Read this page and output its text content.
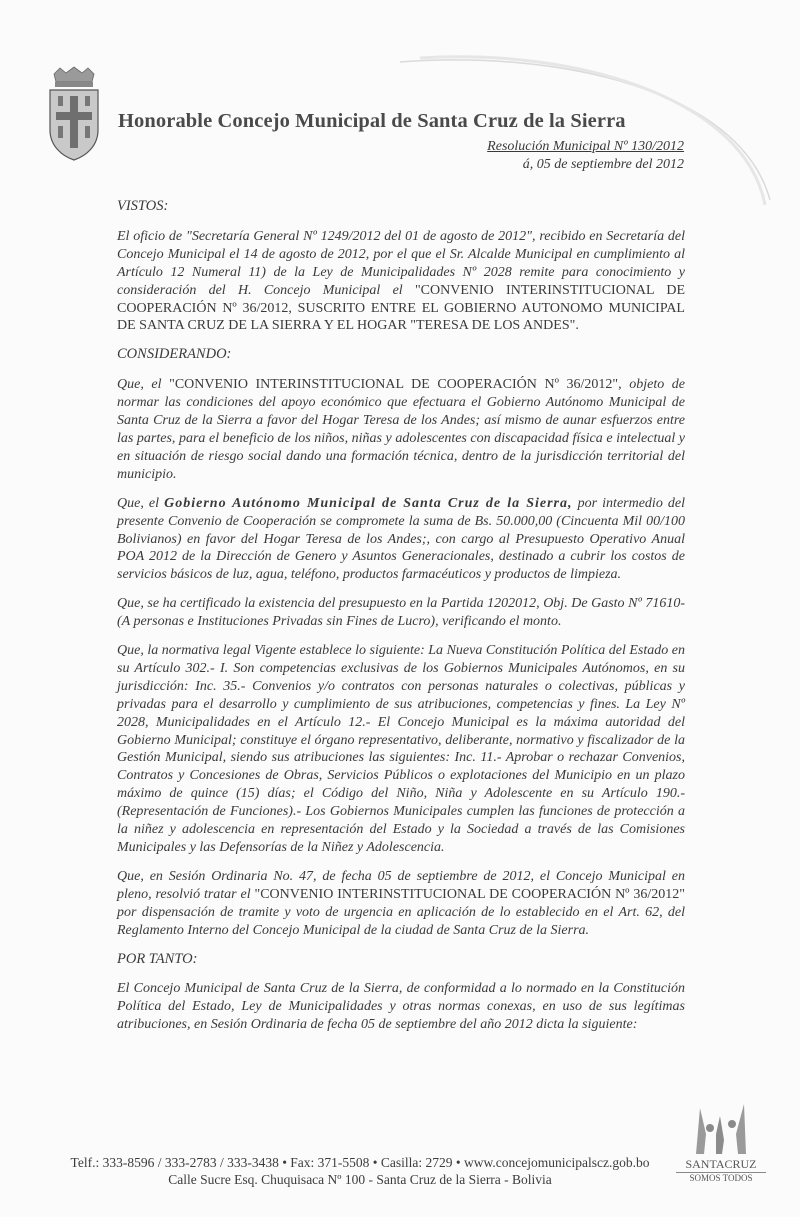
Honorable Concejo Municipal de Santa Cruz de la Sierra
Resolución Municipal Nº 130/2012
á, 05 de septiembre del 2012
VISTOS:

El oficio de "Secretaría General Nº 1249/2012 del 01 de agosto de 2012", recibido en Secretaría del Concejo Municipal el 14 de agosto de 2012, por el que el Sr. Alcalde Municipal en cumplimiento al Artículo 12 Numeral 11) de la Ley de Municipalidades Nº 2028 remite para conocimiento y consideración del H. Concejo Municipal el "CONVENIO INTERINSTITUCIONAL DE COOPERACIÓN Nº 36/2012, SUSCRITO ENTRE EL GOBIERNO AUTONOMO MUNICIPAL DE SANTA CRUZ DE LA SIERRA Y EL HOGAR "TERESA DE LOS ANDES".

CONSIDERANDO:

Que, el "CONVENIO INTERINSTITUCIONAL DE COOPERACIÓN Nº 36/2012", objeto de normar las condiciones del apoyo económico que efectuara el Gobierno Autónomo Municipal de Santa Cruz de la Sierra a favor del Hogar Teresa de los Andes; así mismo de aunar esfuerzos entre las partes, para el beneficio de los niños, niñas y adolescentes con discapacidad física e intelectual y en situación de riesgo social dando una formación técnica, dentro de la jurisdicción territorial del municipio.

Que, el Gobierno Autónomo Municipal de Santa Cruz de la Sierra, por intermedio del presente Convenio de Cooperación se compromete la suma de Bs. 50.000,00 (Cincuenta Mil 00/100 Bolivianos) en favor del Hogar Teresa de los Andes;, con cargo al Presupuesto Operativo Anual POA 2012 de la Dirección de Genero y Asuntos Generacionales, destinado a cubrir los costos de servicios básicos de luz, agua, teléfono, productos farmacéuticos y productos de limpieza.

Que, se ha certificado la existencia del presupuesto en la Partida 1202012, Obj. De Gasto Nº 71610- (A personas e Instituciones Privadas sin Fines de Lucro), verificando el monto.

Que, la normativa legal Vigente establece lo siguiente: La Nueva Constitución Política del Estado en su Artículo 302.- I. Son competencias exclusivas de los Gobiernos Municipales Autónomos, en su jurisdicción: Inc. 35.- Convenios y/o contratos con personas naturales o colectivas, públicas y privadas para el desarrollo y cumplimiento de sus atribuciones, competencias y fines. La Ley Nº 2028, Municipalidades en el Artículo 12.- El Concejo Municipal es la máxima autoridad del Gobierno Municipal; constituye el órgano representativo, deliberante, normativo y fiscalizador de la Gestión Municipal, siendo sus atribuciones las siguientes: Inc. 11.- Aprobar o rechazar Convenios, Contratos y Concesiones de Obras, Servicios Públicos o explotaciones del Municipio en un plazo máximo de quince (15) días; el Código del Niño, Niña y Adolescente en su Artículo 190.- (Representación de Funciones).- Los Gobiernos Municipales cumplen las funciones de protección a la niñez y adolescencia en representación del Estado y la Sociedad a través de las Comisiones Municipales y las Defensorías de la Niñez y Adolescencia.

Que, en Sesión Ordinaria No. 47, de fecha 05 de septiembre de 2012, el Concejo Municipal en pleno, resolvió tratar el "CONVENIO INTERINSTITUCIONAL DE COOPERACIÓN Nº 36/2012" por dispensación de tramite y voto de urgencia en aplicación de lo establecido en el Art. 62, del Reglamento Interno del Concejo Municipal de la ciudad de Santa Cruz de la Sierra.

POR TANTO:

El Concejo Municipal de Santa Cruz de la Sierra, de conformidad a lo normado en la Constitución Política del Estado, Ley de Municipalidades y otras normas conexas, en uso de sus legítimas atribuciones, en Sesión Ordinaria de fecha 05 de septiembre del año 2012 dicta la siguiente:

SANTACRUZ
SOMOS TODOS
Telf.: 333-8596 / 333-2783 / 333-3438 • Fax: 371-5508 • Casilla: 2729 • www.concejomunicipalscz.gob.bo
Calle Sucre Esq. Chuquisaca Nº 100 - Santa Cruz de la Sierra - Bolivia
